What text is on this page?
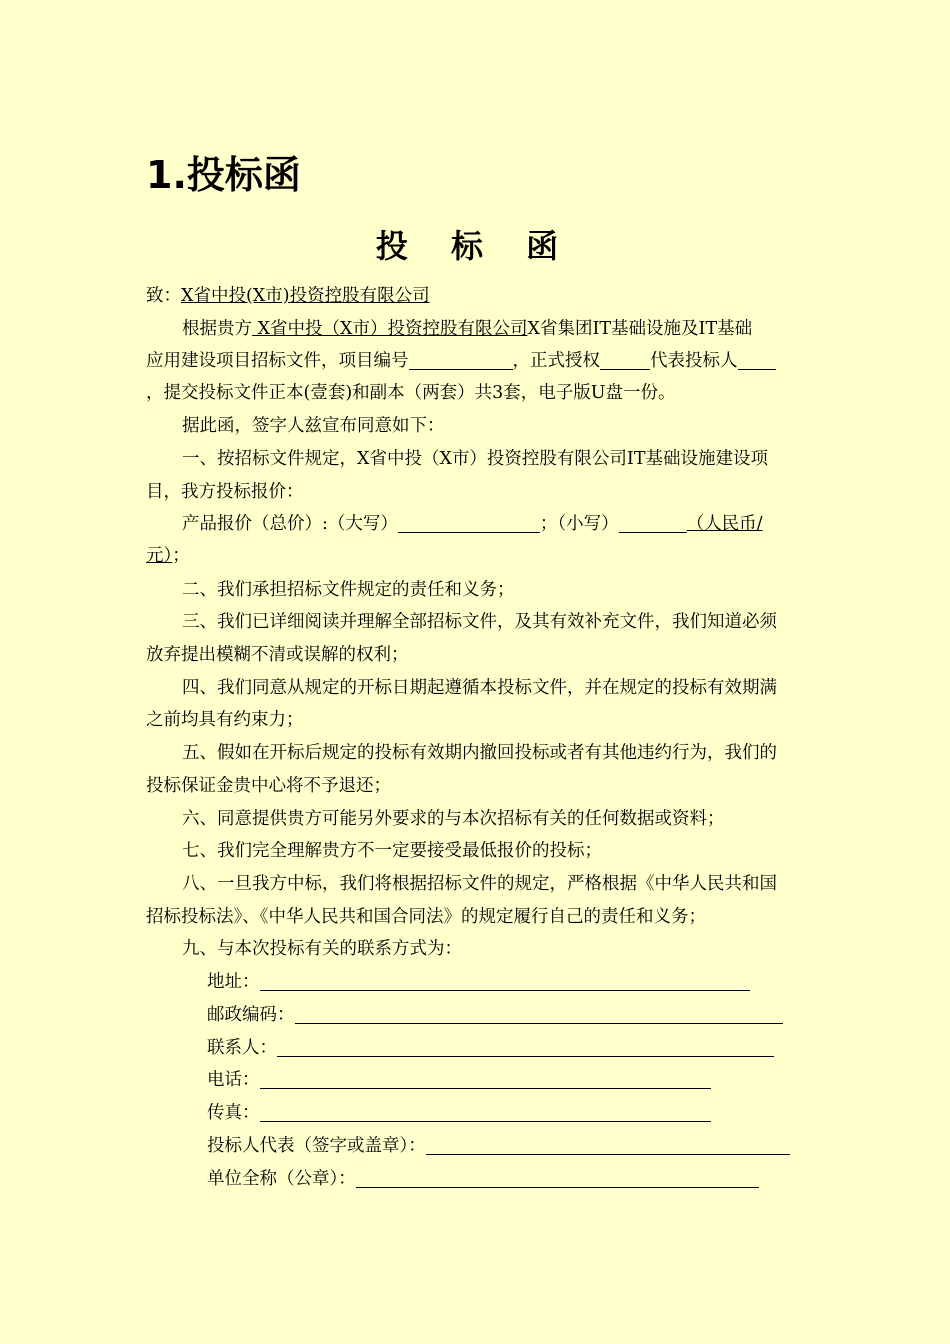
1.投标函
投 标 函
致：X省中投(X市)投资控股有限公司
根据贵方 X省中投（X市）投资控股有限公司X省集团IT基础设施及IT基础
应用建设项目招标文件，项目编号	，正式授权	代表投标人
，提交投标文件正本(壹套)和副本（两套）共3套，电子版U盘一份。
据此函，签字人兹宣布同意如下：
一、按招标文件规定，X省中投（X市）投资控股有限公司IT基础设施建设项
目，我方投标报价：
产品报价（总价）:（大写）	；（小写）	（人民币/
元）；
二、我们承担招标文件规定的责任和义务；
三、我们已详细阅读并理解全部招标文件，及其有效补充文件，我们知道必须
放弃提出模糊不清或误解的权利；
四、我们同意从规定的开标日期起遵循本投标文件，并在规定的投标有效期满
之前均具有约束力；
五、假如在开标后规定的投标有效期内撤回投标或者有其他违约行为，我们的
投标保证金贵中心将不予退还；
六、同意提供贵方可能另外要求的与本次招标有关的任何数据或资料；
七、我们完全理解贵方不一定要接受最低报价的投标；
八、一旦我方中标，我们将根据招标文件的规定，严格根据《中华人民共和国
招标投标法》、《中华人民共和国合同法》的规定履行自己的责任和义务；
九、与本次投标有关的联系方式为：
地址：
邮政编码：
联系人：
电话：
传真：
投标人代表（签字或盖章）：
单位全称（公章）：
